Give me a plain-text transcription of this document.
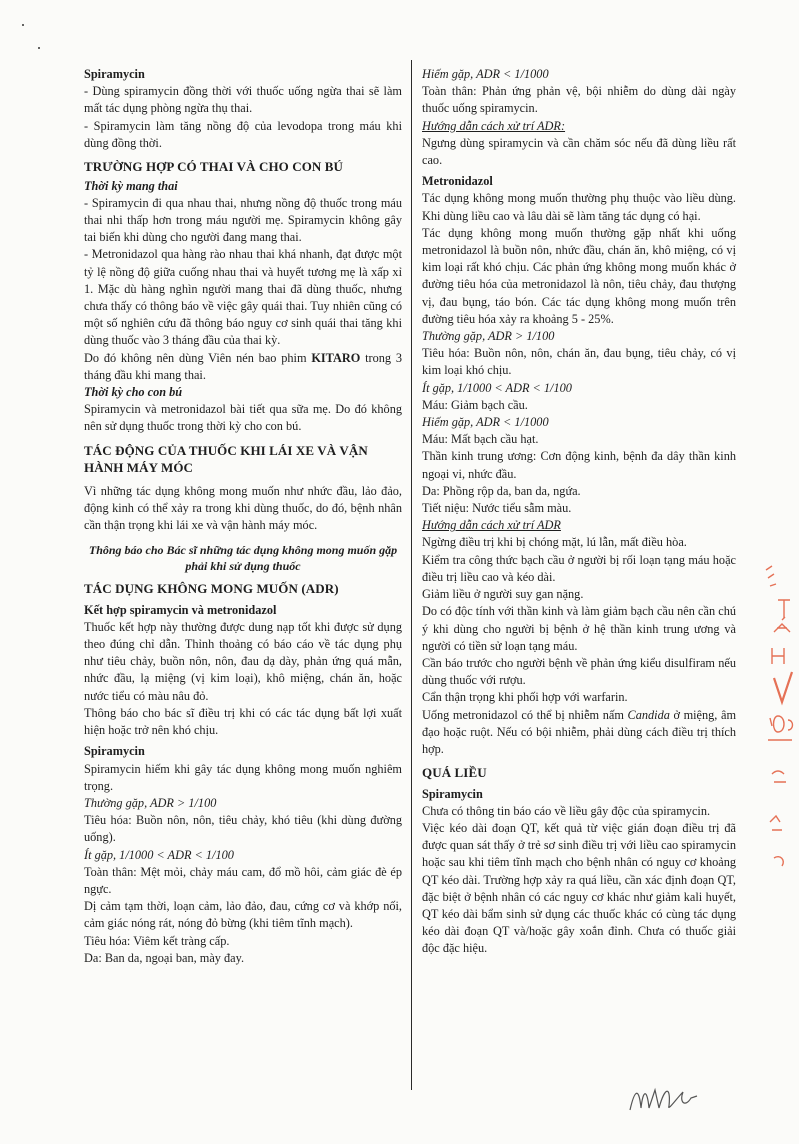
Spiramycin

- Dùng spiramycin đồng thời với thuốc uống ngừa thai sẽ làm mất tác dụng phòng ngừa thụ thai.

- Spiramycin làm tăng nồng độ của levodopa trong máu khi dùng đồng thời.

TRƯỜNG HỢP CÓ THAI VÀ CHO CON BÚ

Thời kỳ mang thai

- Spiramycin đi qua nhau thai, nhưng nồng độ thuốc trong máu thai nhi thấp hơn trong máu người mẹ. Spiramycin không gây tai biến khi dùng cho người đang mang thai.

- Metronidazol qua hàng rào nhau thai khá nhanh, đạt được một tỷ lệ nồng độ giữa cuống nhau thai và huyết tương mẹ là xấp xỉ 1. Mặc dù hàng nghìn người mang thai đã dùng thuốc, nhưng chưa thấy có thông báo về việc gây quái thai. Tuy nhiên cũng có một số nghiên cứu đã thông báo nguy cơ sinh quái thai tăng khi dùng thuốc vào 3 tháng đầu của thai kỳ.

Do đó không nên dùng Viên nén bao phim KITARO trong 3 tháng đầu khi mang thai.

Thời kỳ cho con bú

Spiramycin và metronidazol bài tiết qua sữa mẹ. Do đó không nên sử dụng thuốc trong thời kỳ cho con bú.

TÁC ĐỘNG CỦA THUỐC KHI LÁI XE VÀ VẬN HÀNH MÁY MÓC

Vì những tác dụng không mong muốn như nhức đầu, lảo đảo, động kinh có thể xảy ra trong khi dùng thuốc, do đó, bệnh nhân cần thận trọng khi lái xe và vận hành máy móc.

Thông báo cho Bác sĩ những tác dụng không mong muốn gặp phải khi sử dụng thuốc

TÁC DỤNG KHÔNG MONG MUỐN (ADR)

Kết hợp spiramycin và metronidazol

Thuốc kết hợp này thường được dung nạp tốt khi được sử dụng theo đúng chỉ dẫn. Thỉnh thoảng có báo cáo về tác dụng phụ như tiêu chảy, buồn nôn, nôn, đau dạ dày, phản ứng quá mẫn, nhức đầu, lạ miệng (vị kim loại), khô miệng, chán ăn, hoặc nước tiểu có màu nâu đỏ.

Thông báo cho bác sĩ điều trị khi có các tác dụng bất lợi xuất hiện hoặc trở nên khó chịu.

Spiramycin

Spiramycin hiếm khi gây tác dụng không mong muốn nghiêm trọng.

Thường gặp, ADR > 1/100

Tiêu hóa: Buồn nôn, nôn, tiêu chảy, khó tiêu (khi dùng đường uống).

Ít gặp, 1/1000 < ADR < 1/100

Toàn thân: Mệt mỏi, chảy máu cam, đổ mồ hôi, cảm giác đè ép ngực.

Dị cảm tạm thời, loạn cảm, lảo đảo, đau, cứng cơ và khớp nối, cảm giác nóng rát, nóng đỏ bừng (khi tiêm tĩnh mạch).

Tiêu hóa: Viêm kết tràng cấp.

Da: Ban da, ngoại ban, mày đay.

Hiếm gặp, ADR < 1/1000

Toàn thân: Phản ứng phản vệ, bội nhiễm do dùng dài ngày thuốc uống spiramycin.

Hướng dẫn cách xử trí ADR:

Ngưng dùng spiramycin và cần chăm sóc nếu đã dùng liều rất cao.

Metronidazol

Tác dụng không mong muốn thường phụ thuộc vào liều dùng. Khi dùng liều cao và lâu dài sẽ làm tăng tác dụng có hại.

Tác dụng không mong muốn thường gặp nhất khi uống metronidazol là buồn nôn, nhức đầu, chán ăn, khô miệng, có vị kim loại rất khó chịu. Các phản ứng không mong muốn khác ở đường tiêu hóa của metronidazol là nôn, tiêu chảy, đau thượng vị, đau bụng, táo bón. Các tác dụng không mong muốn trên đường tiêu hóa xảy ra khoảng 5 - 25%.

Thường gặp, ADR > 1/100

Tiêu hóa: Buồn nôn, nôn, chán ăn, đau bụng, tiêu chảy, có vị kim loại khó chịu.

Ít gặp, 1/1000 < ADR < 1/100

Máu: Giảm bạch cầu.

Hiếm gặp, ADR < 1/1000

Máu: Mất bạch cầu hạt.

Thần kinh trung ương: Cơn động kinh, bệnh đa dây thần kinh ngoại vi, nhức đầu.

Da: Phồng rộp da, ban da, ngứa.

Tiết niệu: Nước tiểu sẫm màu.

Hướng dẫn cách xử trí ADR

Ngừng điều trị khi bị chóng mặt, lú lẫn, mất điều hòa.

Kiểm tra công thức bạch cầu ở người bị rối loạn tạng máu hoặc điều trị liều cao và kéo dài.

Giảm liều ở người suy gan nặng.

Do có độc tính với thần kinh và làm giảm bạch cầu nên cần chú ý khi dùng cho người bị bệnh ở hệ thần kinh trung ương và người có tiền sử loạn tạng máu.

Cần báo trước cho người bệnh về phản ứng kiểu disulfiram nếu dùng thuốc với rượu.

Cẩn thận trọng khi phối hợp với warfarin.

Uống metronidazol có thể bị nhiễm nấm Candida ở miệng, âm đạo hoặc ruột. Nếu có bội nhiễm, phải dùng cách điều trị thích hợp.

QUÁ LIỀU

Spiramycin

Chưa có thông tin báo cáo về liều gây độc của spiramycin.

Việc kéo dài đoạn QT, kết quả từ việc gián đoạn điều trị đã được quan sát thấy ở trẻ sơ sinh điều trị với liều cao spiramycin hoặc sau khi tiêm tĩnh mạch cho bệnh nhân có nguy cơ khoảng QT kéo dài. Trường hợp xảy ra quá liều, cần xác định đoạn QT, đặc biệt ở bệnh nhân có các nguy cơ khác như giảm kali huyết, QT kéo dài bẩm sinh sử dụng các thuốc khác có cùng tác dụng kéo dài đoạn QT và/hoặc gây xoắn đỉnh. Chưa có thuốc giải độc đặc hiệu.
